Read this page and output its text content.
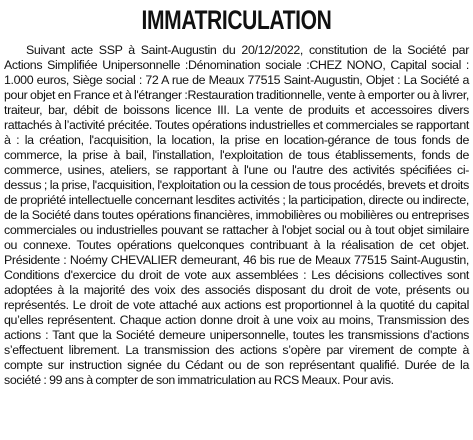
IMMATRICULATION

Suivant acte SSP à Saint-Augustin du 20/12/2022, constitution de la Société par Actions Simplifiée Unipersonnelle :Dénomination sociale :CHEZ NONO, Capital social : 1.000 euros, Siège social : 72 A rue de Meaux 77515 Saint-Augustin, Objet : La Société a pour objet en France et à l'étranger :Restauration traditionnelle, vente à emporter ou à livrer, traiteur, bar, débit de boissons licence III. La vente de produits et accessoires divers rattachés à l’activité précitée. Toutes opérations industrielles et commerciales se rapportant à : la création, l'acquisition, la location, la prise en location-gérance de tous fonds de commerce, la prise à bail, l'installation, l'exploitation de tous établissements, fonds de commerce, usines, ateliers, se rapportant à l'une ou l'autre des activités spécifiées ci-dessus ; la prise, l'acquisition, l'exploitation ou la cession de tous procédés, brevets et droits de propriété intellectuelle concernant lesdites activités ; la participation, directe ou indirecte, de la Société dans toutes opérations financières, immobilières ou mobilières ou entreprises commerciales ou industrielles pouvant se rattacher à l'objet social ou à tout objet similaire ou connexe. Toutes opérations quelconques contribuant à la réalisation de cet objet. Présidente : Noémy CHEVALIER demeurant, 46 bis rue de Meaux 77515 Saint-Augustin, Conditions d'exercice du droit de vote aux assemblées : Les décisions collectives sont adoptées à la majorité des voix des associés disposant du droit de vote, présents ou représentés. Le droit de vote attaché aux actions est proportionnel à la quotité du capital qu’elles représentent. Chaque action donne droit à une voix au moins, Transmission des actions : Tant que la Société demeure unipersonnelle, toutes les transmissions d’actions s’effectuent librement. La transmission des actions s’opère par virement de compte à compte sur instruction signée du Cédant ou de son représentant qualifié. Durée de la société : 99 ans à compter de son immatriculation au RCS Meaux. Pour avis.
